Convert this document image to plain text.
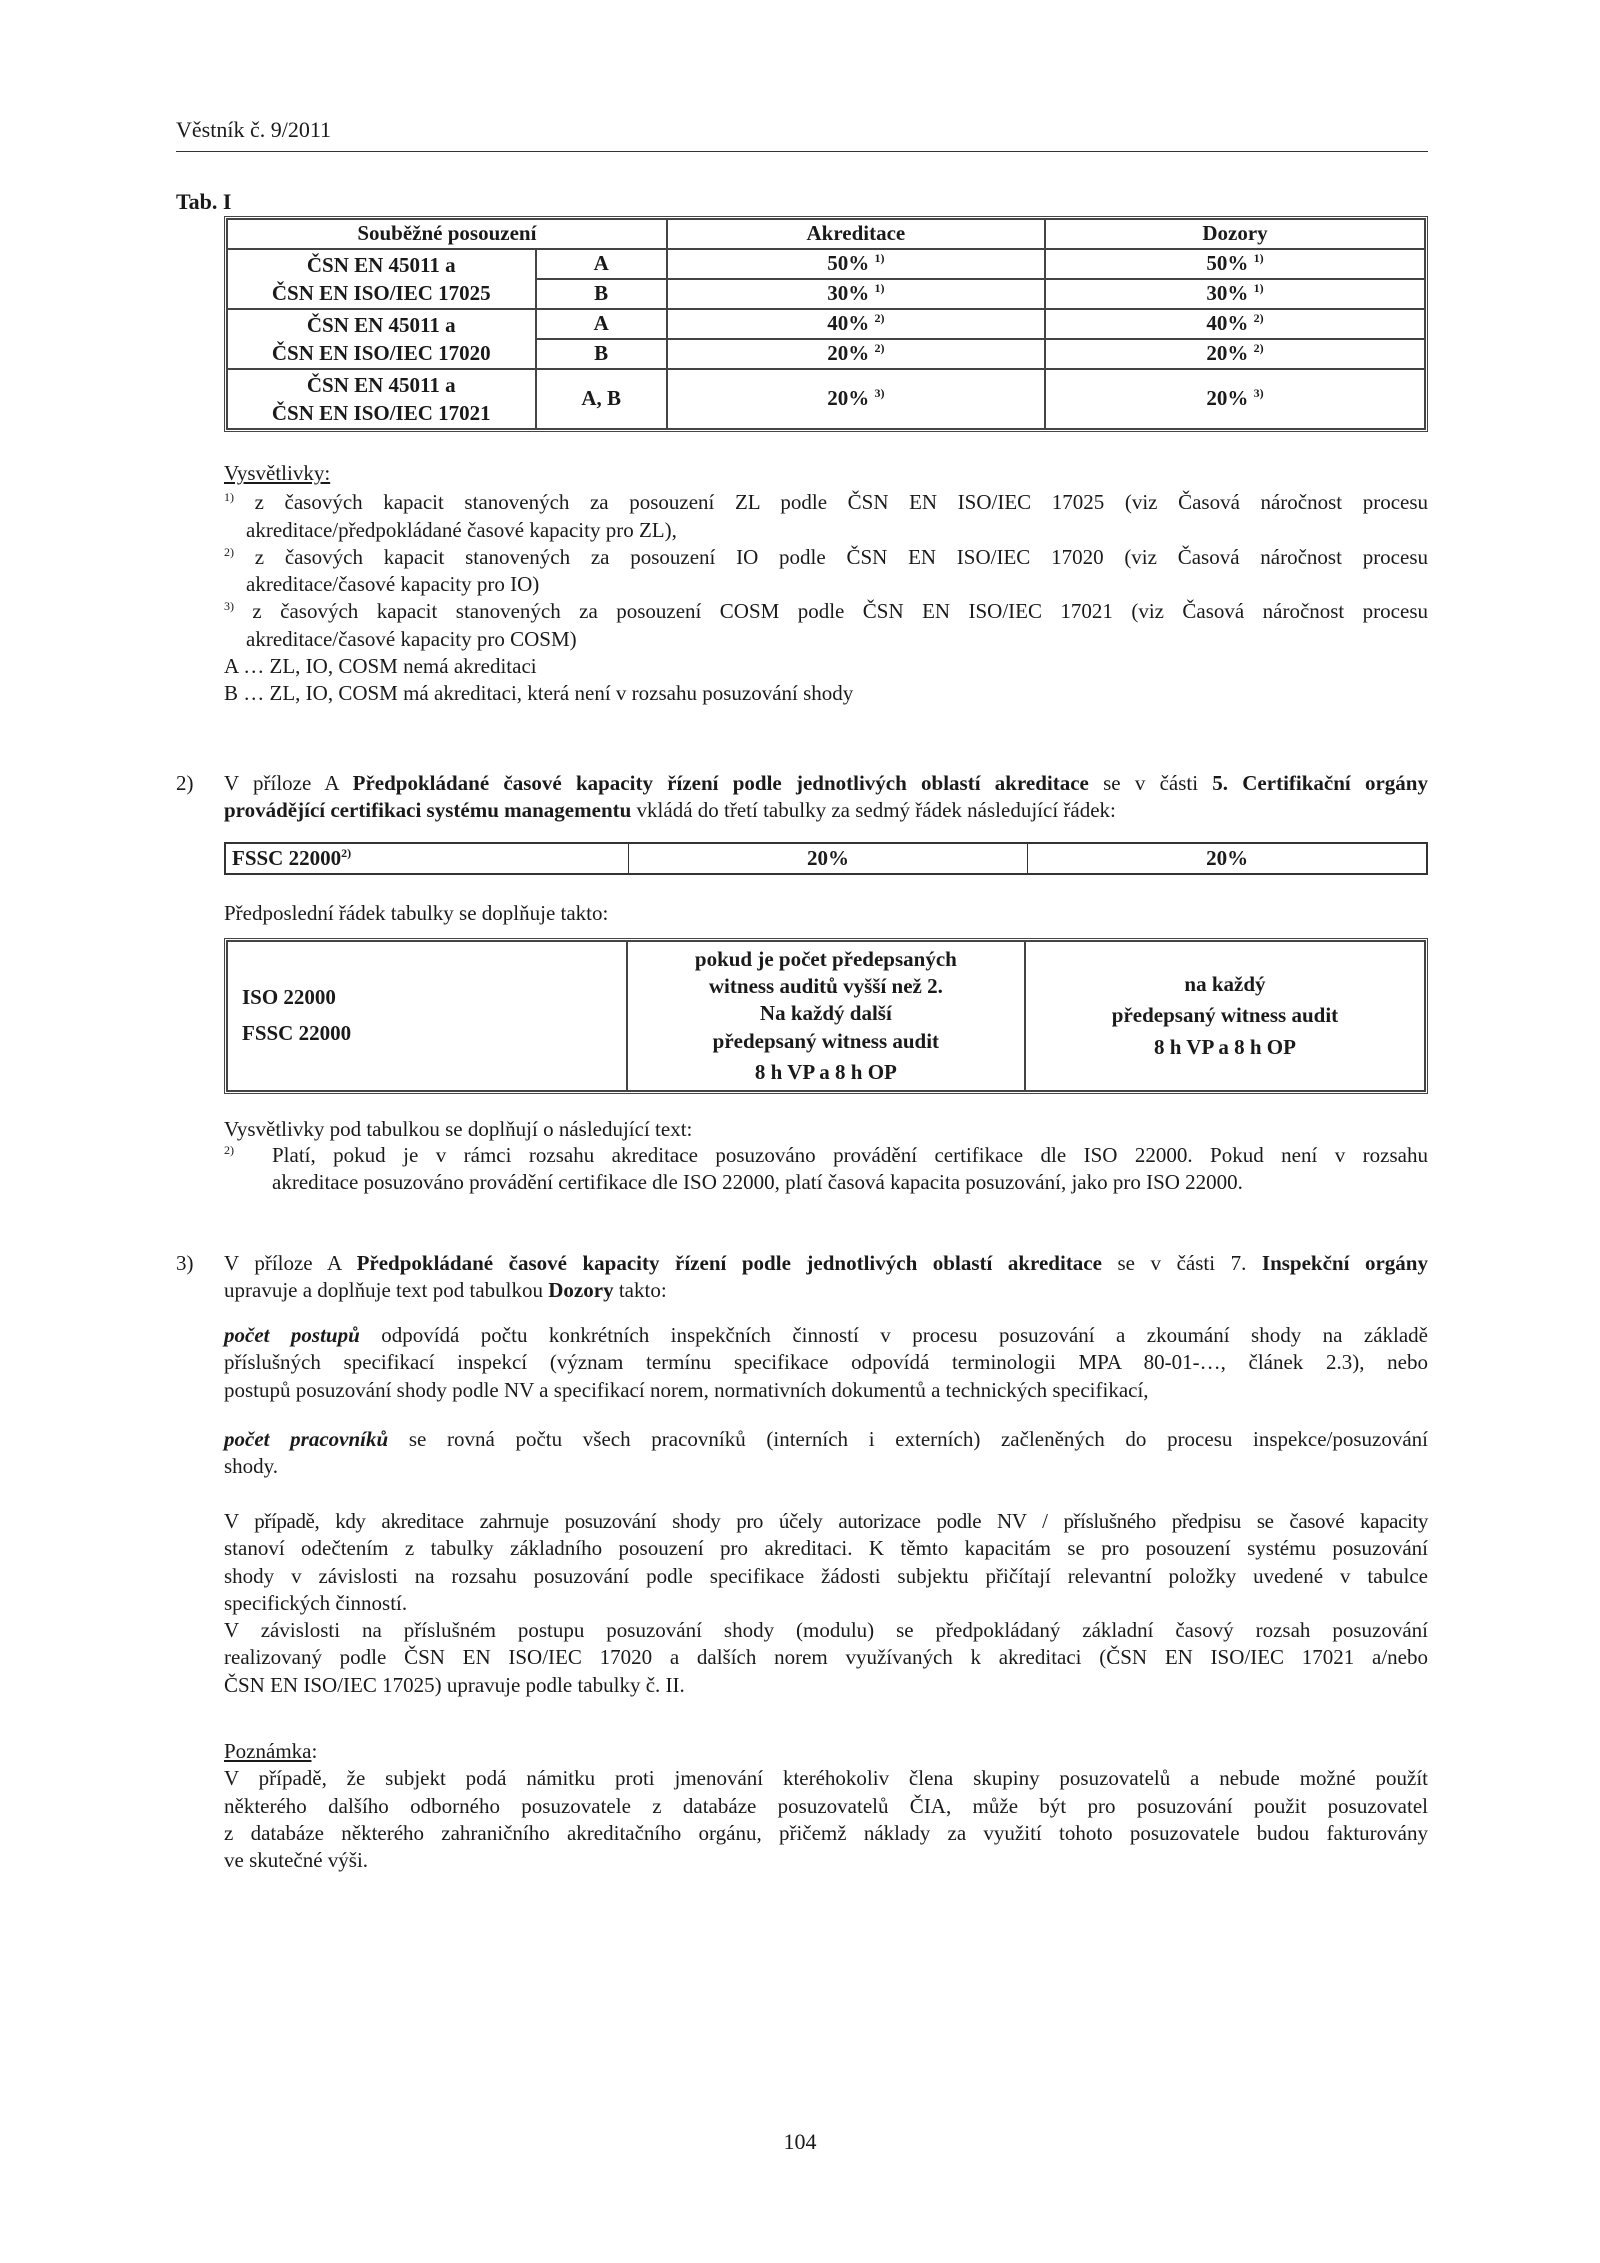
Věstník č. 9/2011
Tab. I
Souběžné posouzení		Akreditace	Dozory

ČSN EN 45011 a
ČSN EN ISO/IEC 17025	A	50% $^{1)}$	50% $^{1)}$
	B	30% $^{1)}$	30% $^{1)}$

ČSN EN 45011 a
ČSN EN ISO/IEC 17020	A	40% $^{2)}$	40% $^{2)}$
	B	20% $^{2)}$	20% $^{2)}$

ČSN EN 45011 a
ČSN EN ISO/IEC 17021	A, B	20% $^{3)}$	20% $^{3)}$
Vysvětlivky:
$^{1)}$ z časových kapacit stanovených za posouzení ZL podle ČSN EN ISO/IEC 17025 (viz Časová náročnost procesu
akreditace/předpokládané časové kapacity pro ZL),
$^{2)}$ z časových kapacit stanovených za posouzení IO podle ČSN EN ISO/IEC 17020 (viz Časová náročnost procesu
akreditace/časové kapacity pro IO)
$^{3)}$ z časových kapacit stanovených za posouzení COSM podle ČSN EN ISO/IEC 17021 (viz Časová náročnost procesu
akreditace/časové kapacity pro COSM)
A … ZL, IO, COSM nemá akreditaci
B … ZL, IO, COSM má akreditaci, která není v rozsahu posuzování shody
2) V příloze A Předpokládané časové kapacity řízení podle jednotlivých oblastí akreditace se v části 5. Certifikační orgány
provádějící certifikaci systému managementu vkládá do třetí tabulky za sedmý řádek následující řádek:
FSSC 22000$^{2)}$	20%	20%
Předposlední řádek tabulky se doplňuje takto:
ISO 22000
FSSC 22000

pokud je počet předepsaných
witness auditů vyšší než 2.
Na každý další
předepsaný witness audit
8 h VP a 8 h OP

na každý
předepsaný witness audit
8 h VP a 8 h OP
Vysvětlivky pod tabulkou se doplňují o následující text:
$^{2)}$ Platí, pokud je v rámci rozsahu akreditace posuzováno provádění certifikace dle ISO 22000. Pokud není v rozsahu
akreditace posuzováno provádění certifikace dle ISO 22000, platí časová kapacita posuzování, jako pro ISO 22000.
3) V příloze A Předpokládané časové kapacity řízení podle jednotlivých oblastí akreditace se v části 7. Inspekční orgány
upravuje a doplňuje text pod tabulkou Dozory takto:
počet postupů odpovídá počtu konkrétních inspekčních činností v procesu posuzování a zkoumání shody na základě
příslušných specifikací inspekcí (význam termínu specifikace odpovídá terminologii MPA 80-01-…, článek 2.3), nebo
postupů posuzování shody podle NV a specifikací norem, normativních dokumentů a technických specifikací,
počet pracovníků se rovná počtu všech pracovníků (interních i externích) začleněných do procesu inspekce/posuzování
shody.
V případě, kdy akreditace zahrnuje posuzování shody pro účely autorizace podle NV / příslušného předpisu se časové kapacity
stanoví odečtením z tabulky základního posouzení pro akreditaci. K těmto kapacitám se pro posouzení systému posuzování
shody v závislosti na rozsahu posuzování podle specifikace žádosti subjektu přičítají relevantní položky uvedené v tabulce
specifických činností.
V závislosti na příslušném postupu posuzování shody (modulu) se předpokládaný základní časový rozsah posuzování
realizovaný podle ČSN EN ISO/IEC 17020 a dalších norem využívaných k akreditaci (ČSN EN ISO/IEC 17021 a/nebo
ČSN EN ISO/IEC 17025) upravuje podle tabulky č. II.
Poznámka:
V případě, že subjekt podá námitku proti jmenování kteréhokoliv člena skupiny posuzovatelů a nebude možné použít
některého dalšího odborného posuzovatele z databáze posuzovatelů ČIA, může být pro posuzování použit posuzovatel
z databáze některého zahraničního akreditačního orgánu, přičemž náklady za využití tohoto posuzovatele budou fakturovány
ve skutečné výši.
104
